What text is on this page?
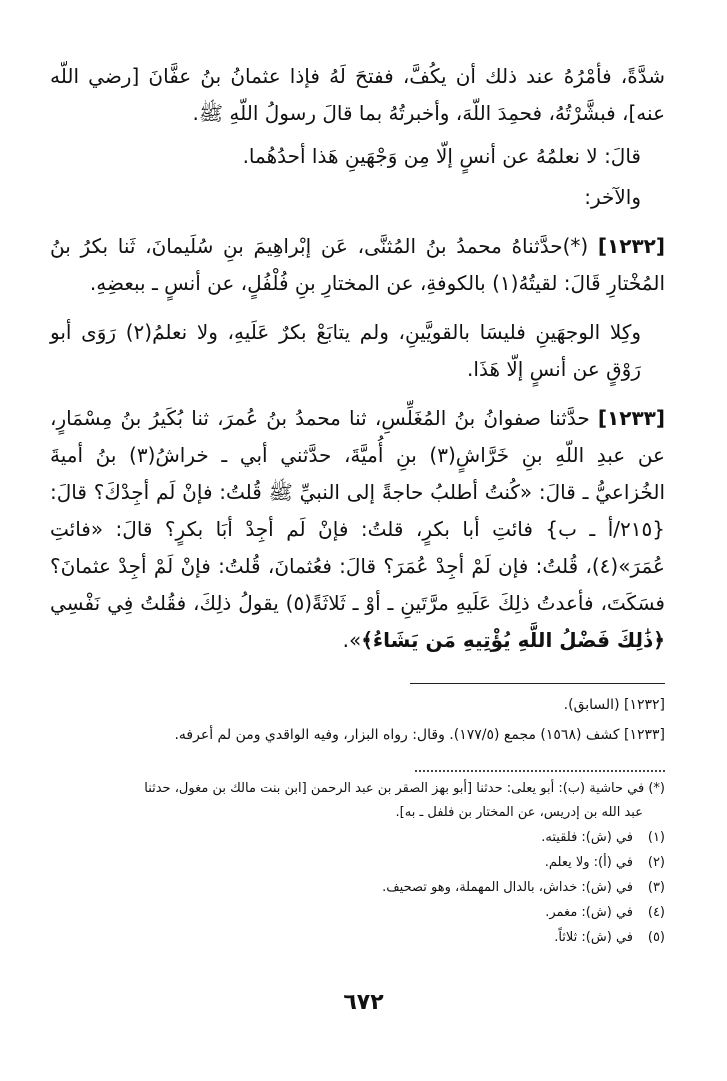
شدَّةً، فأمْرُهُ عند ذلك أن يكُفَّ، ففتحَ لَهُ فإذا عثمانُ بنُ عفَّانَ [رضي اللّه عنه]، فبشَّرْتُهُ، فحمِدَ اللّهَ، وأخبرتُهُ بما قالَ رسولُ اللّهِ ﷺ.

قالَ: لا نعلمُهُ عن أنسٍ إلّا مِن وَجْهَينِ هَذا أحدُهُما.

والآخر:

[١٢٣٢] (*)حدَّثناهُ محمدُ بنُ المُثنَّى، عَن إبْراهِيمَ بنِ سُلَيمانَ، ثَنا بكرُ بنُ المُخْتارِ قَالَ: لقيتُهُ(١) بالكوفةِ، عن المختارِ بنِ فُلْفُلٍ، عن أنسٍ ـ ببعضِهِ.

وكِلا الوجهَينِ فليسَا بالقويَّينِ، ولم يتابَعْ بكرٌ عَلَيهِ، ولا نعلمُ(٢) رَوَى أبو رَوْقٍ عن أنسٍ إلّا هَذَا.

[١٢٣٣] حدَّثنا صفوانُ بنُ المُغَلِّسِ، ثنا محمدُ بنُ عُمرَ، ثنا بُكَيرُ بنُ مِسْمَارٍ، عن عبدِ اللّهِ بنِ خَرَّاشٍ(٣) بنِ أُميَّةَ، حدَّثني أبي ـ خراشُ(٣) بنُ أميةَ الخُزاعيُّ ـ قالَ: «كُنتُ أطلبُ حاجةً إلى النبيِّ ﷺ قُلتُ: فإنْ لَم أجِدْكَ؟ قالَ: {٢١٥/أ ـ ب} فائتِ أبا بكرٍ، قلتُ: فإنْ لَم أجِدْ أبَا بكرٍ؟ قالَ: «فائتِ عُمَرَ»(٤)، قُلتُ: فإن لَمْ أجِدْ عُمَرَ؟ قالَ: فعُثمانَ، قُلتُ: فإنْ لَمْ أجِدْ عثمانَ؟ فسَكَتَ، فأعدتُ ذلِكَ عَلَيهِ مرَّتَينِ ـ أوْ ـ ثَلاثَةً(٥) يقولُ ذلِكَ، فقُلتُ فِي نَفْسِي ﴿ذَٰلِكَ فَضْلُ اللَّهِ يُؤْتِيهِ مَن يَشَاءُ﴾».

[١٢٣٢] (السابق).
[١٢٣٣] كشف (١٥٦٨) مجمع (١٧٧/٥). وقال: رواه البزار، وفيه الواقدي ومن لم أعرفه.
(*) في حاشية (ب): أبو يعلى: حدثنا [أبو بهز الصقر بن عبد الرحمن [ابن بنت مالك بن مغول، حدثنا
عبد الله بن إدريس، عن المختار بن فلفل ـ به].
(١)
في (ش): فلقيته.
(٢)
في (أ): ولا يعلم.
(٣)
في (ش): خداش، بالدال المهملة، وهو تصحيف.
(٤)
في (ش): مغمر.
(٥)
في (ش): ثلاثاً.
٦٧٢
